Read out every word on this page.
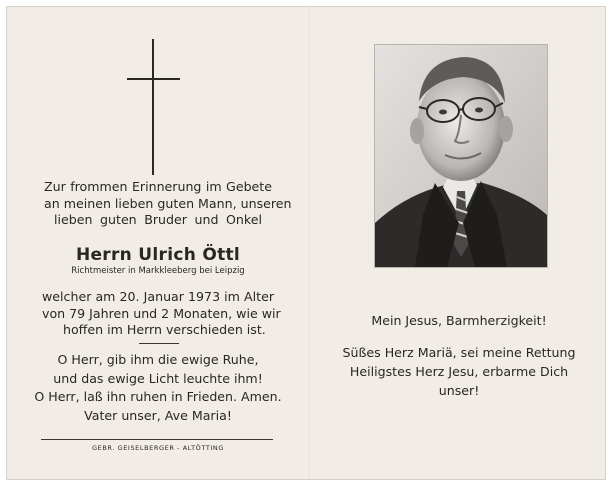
Zur frommen Erinnerung im Gebete
an meinen lieben guten Mann, unseren
lieben guten Bruder und Onkel
Herrn Ulrich Öttl
Richtmeister in Markkleeberg bei Leipzig
welcher am 20. Januar 1973 im Alter
von 79 Jahren und 2 Monaten, wie wir
hoffen im Herrn verschieden ist.
O Herr, gib ihm die ewige Ruhe,
und das ewige Licht leuchte ihm!
O Herr, laß ihn ruhen in Frieden. Amen.
Vater unser, Ave Maria!
GEBR. GEISELBERGER - ALTÖTTING
Mein Jesus, Barmherzigkeit!
Süßes Herz Mariä, sei meine Rettung
Heiligstes Herz Jesu, erbarme Dich
unser!
